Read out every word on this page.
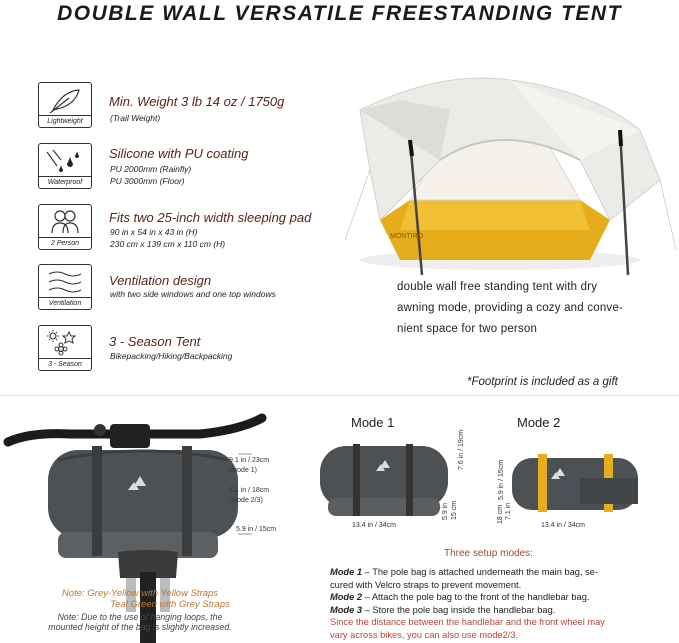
DOUBLE WALL VERSATILE FREESTANDING TENT
Lightweight
Min. Weight 3 lb 14 oz / 1750g
(Trail Weight)
Waterproof
Silicone with PU coating
PU 2000mm (Rainfly)
PU 3000mm (Floor)
2 Person
Fits two 25-inch width sleeping pad
90 in x 54 in x 43 in (H)
230 cm x 139 cm x 110 cm (H)
Ventilation
Ventilation design
with two side windows and one top windows
3 - Season
3 - Season Tent
Bikepacking/Hiking/Backpacking
MONTIRO
double wall free standing tent with dry
awning mode, providing a cozy and conve-
nient space for two person
*Footprint is included as a gift
9.1 in / 23cm
(mode 1)
7.1 in / 18cm
(mode 2/3)
5.9 in / 15cm
Note: Grey-Yellow with Yellow Straps
Teal Green with Grey Straps
Note: Due to the use of hanging loops, the
mounted height of the bag is slightly increased.
Mode 1
7.6 in / 19cm
5.9 in 15 cm
13.4 in / 34cm
Mode 2
5.9 in / 15cm
18 cm 7.1 in
13.4 in / 34cm
Three setup modes:
Mode 1 – The pole bag is attached underneath the main bag, se-
cured with Velcro straps to prevent movement.
Mode 2 – Attach the pole bag to the front of the handlebar bag.
Mode 3 – Store the pole bag inside the handlebar bag.
Since the distance between the handlebar and the front wheel may
vary across bikes, you can also use mode2/3.
